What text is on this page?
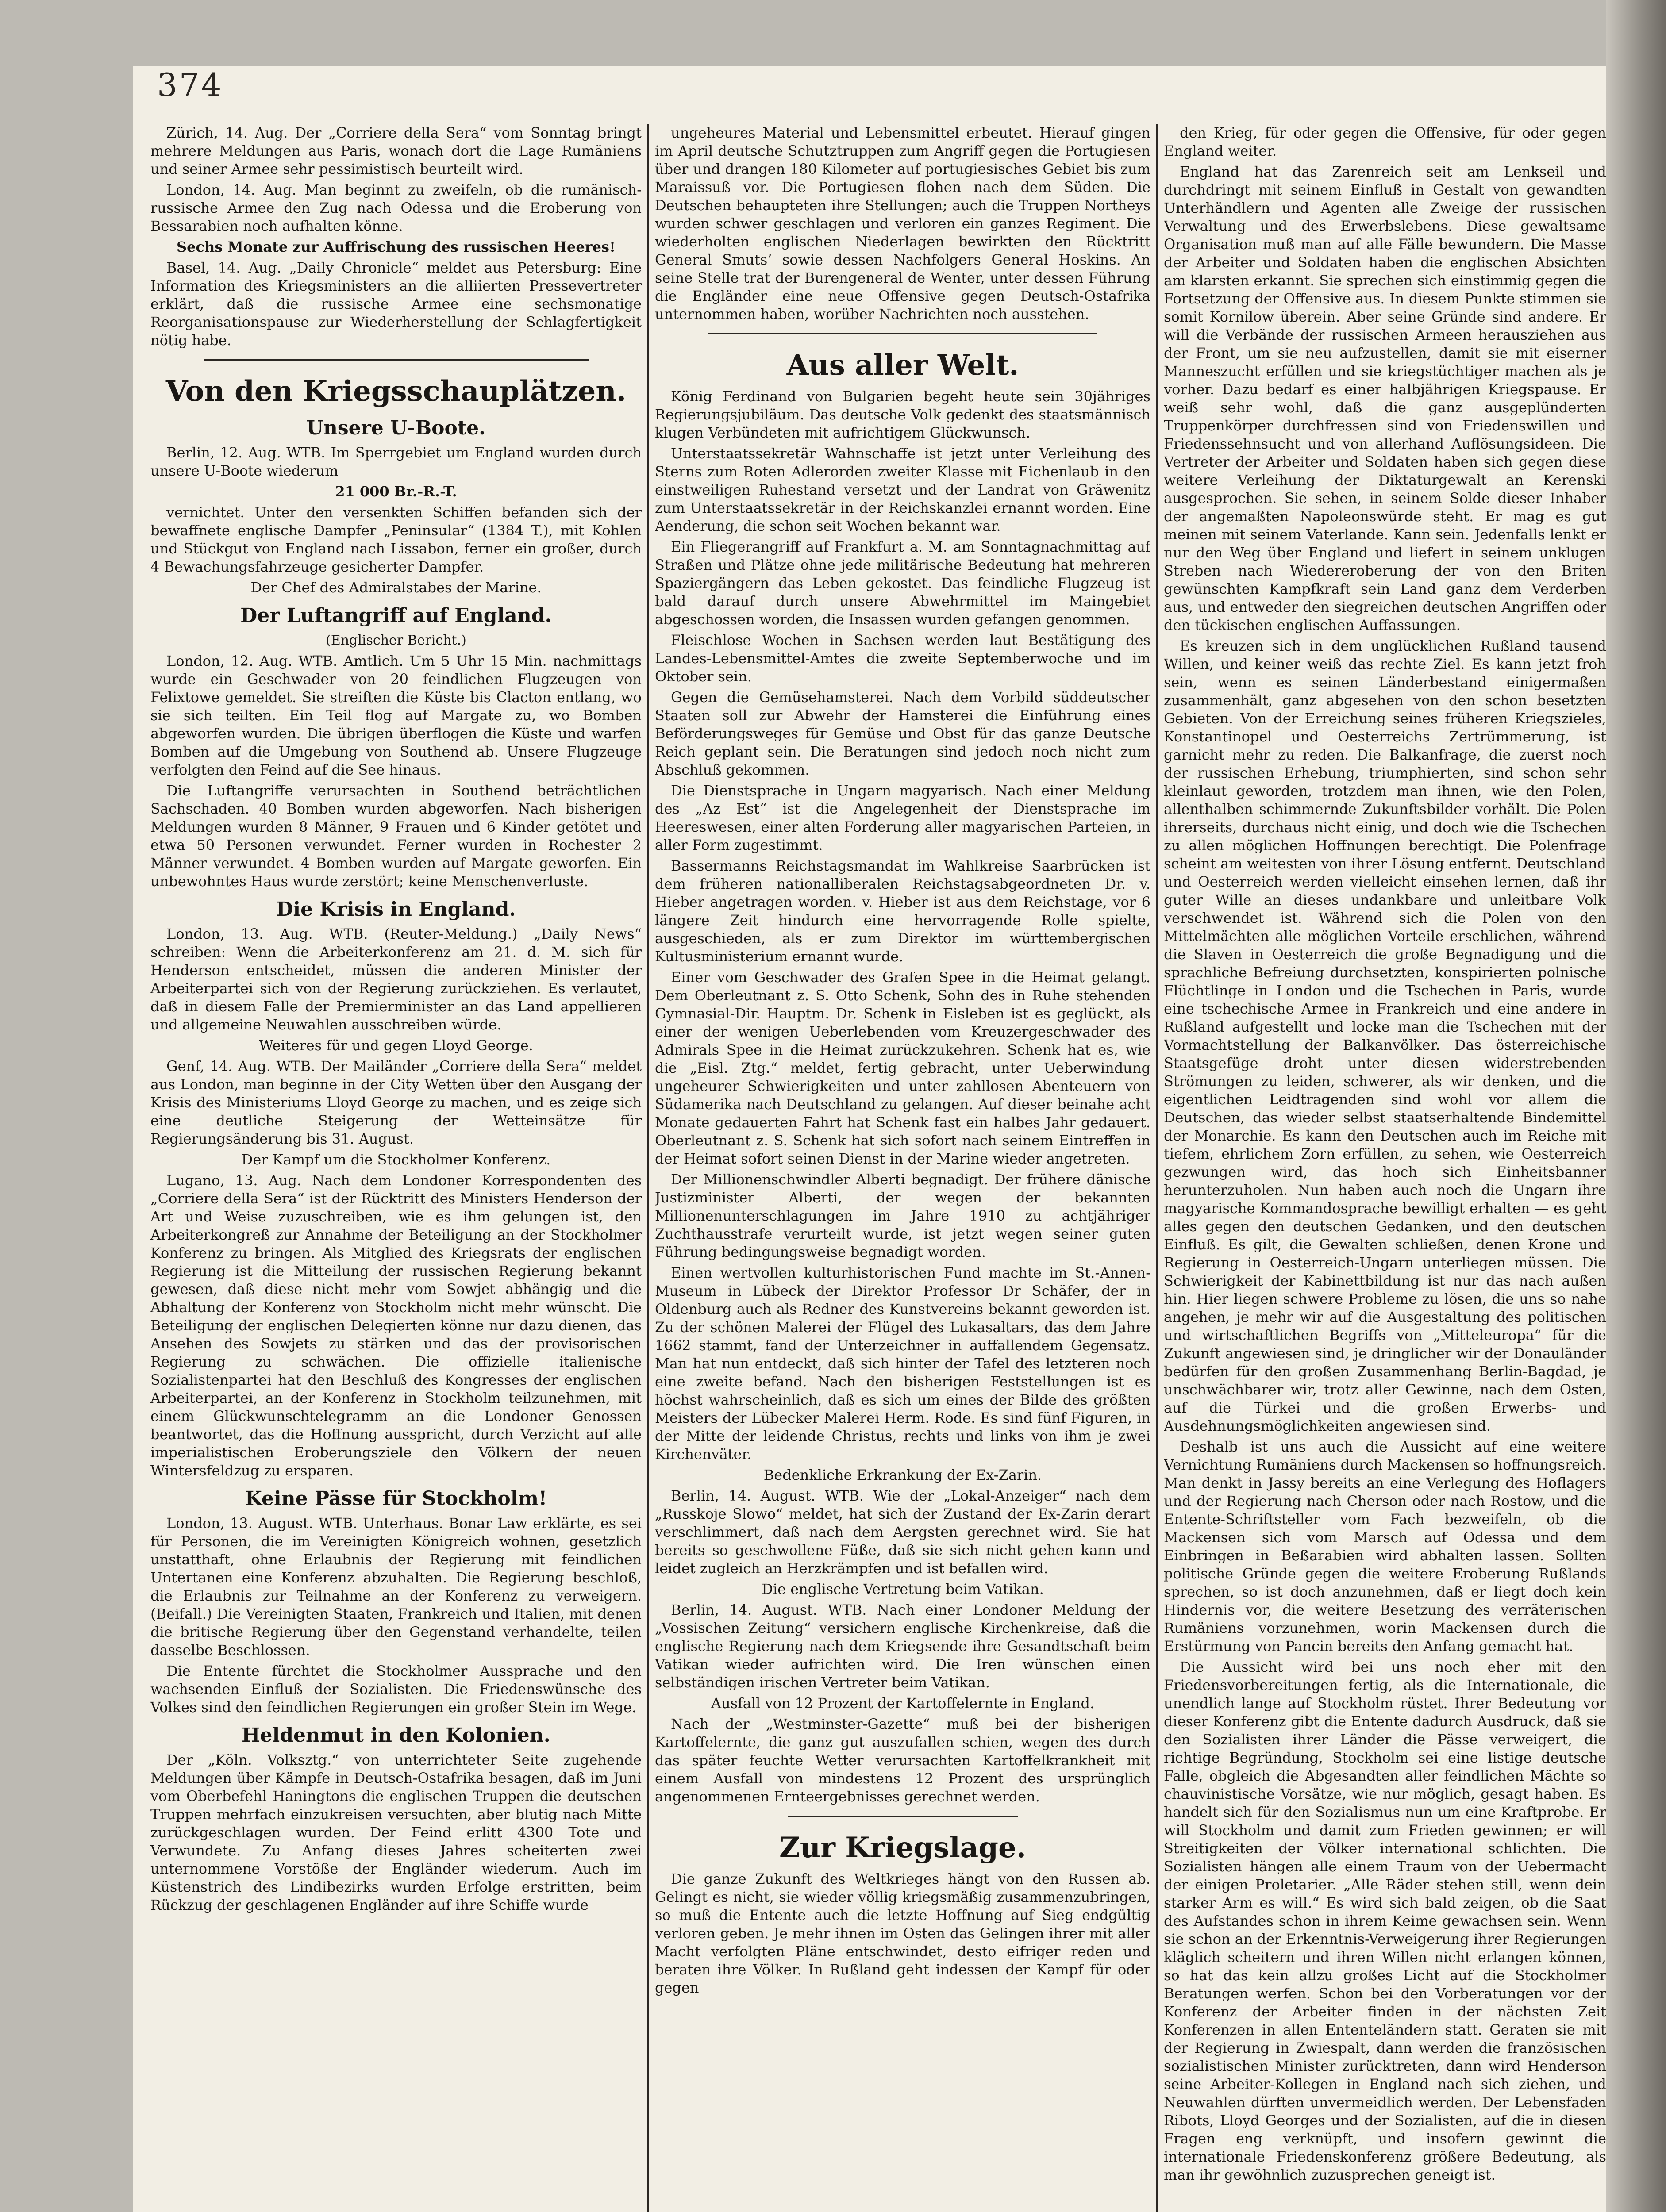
374

Zürich, 14. Aug. Der „Corriere della Sera“ vom Sonntag bringt mehrere Meldungen aus Paris, wonach dort die Lage Rumäniens und seiner Armee sehr pessimistisch beurteilt wird.

London, 14. Aug. Man beginnt zu zweifeln, ob die rumänisch-russische Armee den Zug nach Odessa und die Eroberung von Bessarabien noch aufhalten könne.

Sechs Monate zur Auffrischung des russischen Heeres!

Basel, 14. Aug. „Daily Chronicle“ meldet aus Petersburg: Eine Information des Kriegsministers an die alliierten Pressevertreter erklärt, daß die russische Armee eine sechsmonatige Reorganisationspause zur Wiederherstellung der Schlagfertigkeit nötig habe.

Von den Kriegsschauplätzen.

Unsere U-Boote.

Berlin, 12. Aug. WTB. Im Sperrgebiet um England wurden durch unsere U-Boote wiederum

21 000 Br.-R.-T.

vernichtet. Unter den versenkten Schiffen befanden sich der bewaffnete englische Dampfer „Peninsular“ (1384 T.), mit Kohlen und Stückgut von England nach Lissabon, ferner ein großer, durch 4 Bewachungsfahrzeuge gesicherter Dampfer.

Der Chef des Admiralstabes der Marine.

Der Luftangriff auf England.

(Englischer Bericht.)

London, 12. Aug. WTB. Amtlich. Um 5 Uhr 15 Min. nachmittags wurde ein Geschwader von 20 feindlichen Flugzeugen von Felixtowe gemeldet. Sie streiften die Küste bis Clacton entlang, wo sie sich teilten. Ein Teil flog auf Margate zu, wo Bomben abgeworfen wurden. Die übrigen überflogen die Küste und warfen Bomben auf die Umgebung von Southend ab. Unsere Flugzeuge verfolgten den Feind auf die See hinaus.

Die Luftangriffe verursachten in Southend beträchtlichen Sachschaden. 40 Bomben wurden abgeworfen. Nach bisherigen Meldungen wurden 8 Männer, 9 Frauen und 6 Kinder getötet und etwa 50 Personen verwundet. Ferner wurden in Rochester 2 Männer verwundet. 4 Bomben wurden auf Margate geworfen. Ein unbewohntes Haus wurde zerstört; keine Menschenverluste.

Die Krisis in England.

London, 13. Aug. WTB. (Reuter-Meldung.) „Daily News“ schreiben: Wenn die Arbeiterkonferenz am 21. d. M. sich für Henderson entscheidet, müssen die anderen Minister der Arbeiterpartei sich von der Regierung zurückziehen. Es verlautet, daß in diesem Falle der Premierminister an das Land appellieren und allgemeine Neuwahlen ausschreiben würde.

Weiteres für und gegen Lloyd George.

Genf, 14. Aug. WTB. Der Mailänder „Corriere della Sera“ meldet aus London, man beginne in der City Wetten über den Ausgang der Krisis des Ministeriums Lloyd George zu machen, und es zeige sich eine deutliche Steigerung der Wetteinsätze für Regierungsänderung bis 31. August.

Der Kampf um die Stockholmer Konferenz.

Lugano, 13. Aug. Nach dem Londoner Korrespondenten des „Corriere della Sera“ ist der Rücktritt des Ministers Henderson der Art und Weise zuzuschreiben, wie es ihm gelungen ist, den Arbeiterkongreß zur Annahme der Beteiligung an der Stockholmer Konferenz zu bringen. Als Mitglied des Kriegsrats der englischen Regierung ist die Mitteilung der russischen Regierung bekannt gewesen, daß diese nicht mehr vom Sowjet abhängig und die Abhaltung der Konferenz von Stockholm nicht mehr wünscht. Die Beteiligung der englischen Delegierten könne nur dazu dienen, das Ansehen des Sowjets zu stärken und das der provisorischen Regierung zu schwächen. Die offizielle italienische Sozialistenpartei hat den Beschluß des Kongresses der englischen Arbeiterpartei, an der Konferenz in Stockholm teilzunehmen, mit einem Glückwunschtelegramm an die Londoner Genossen beantwortet, das die Hoffnung ausspricht, durch Verzicht auf alle imperialistischen Eroberungsziele den Völkern der neuen Wintersfeldzug zu ersparen.

Keine Pässe für Stockholm!

London, 13. August. WTB. Unterhaus. Bonar Law erklärte, es sei für Personen, die im Vereinigten Königreich wohnen, gesetzlich unstatthaft, ohne Erlaubnis der Regierung mit feindlichen Untertanen eine Konferenz abzuhalten. Die Regierung beschloß, die Erlaubnis zur Teilnahme an der Konferenz zu verweigern. (Beifall.) Die Vereinigten Staaten, Frankreich und Italien, mit denen die britische Regierung über den Gegenstand verhandelte, teilen dasselbe Beschlossen.

Die Entente fürchtet die Stockholmer Aussprache und den wachsenden Einfluß der Sozialisten. Die Friedenswünsche des Volkes sind den feindlichen Regierungen ein großer Stein im Wege.

Heldenmut in den Kolonien.

Der „Köln. Volksztg.“ von unterrichteter Seite zugehende Meldungen über Kämpfe in Deutsch-Ostafrika besagen, daß im Juni vom Oberbefehl Haningtons die englischen Truppen die deutschen Truppen mehrfach einzukreisen versuchten, aber blutig nach Mitte zurückgeschlagen wurden. Der Feind erlitt 4300 Tote und Verwundete. Zu Anfang dieses Jahres scheiterten zwei unternommene Vorstöße der Engländer wiederum. Auch im Küstenstrich des Lindibezirks wurden Erfolge erstritten, beim Rückzug der geschlagenen Engländer auf ihre Schiffe wurde

ungeheures Material und Lebensmittel erbeutet. Hierauf gingen im April deutsche Schutztruppen zum Angriff gegen die Portugiesen über und drangen 180 Kilometer auf portugiesisches Gebiet bis zum Maraissuß vor. Die Portugiesen flohen nach dem Süden. Die Deutschen behaupteten ihre Stellungen; auch die Truppen Northeys wurden schwer geschlagen und verloren ein ganzes Regiment. Die wiederholten englischen Niederlagen bewirkten den Rücktritt General Smuts’ sowie dessen Nachfolgers General Hoskins. An seine Stelle trat der Burengeneral de Wenter, unter dessen Führung die Engländer eine neue Offensive gegen Deutsch-Ostafrika unternommen haben, worüber Nachrichten noch ausstehen.

Aus aller Welt.

König Ferdinand von Bulgarien begeht heute sein 30jähriges Regierungsjubiläum. Das deutsche Volk gedenkt des staatsmännisch klugen Verbündeten mit aufrichtigem Glückwunsch.

Unterstaatssekretär Wahnschaffe ist jetzt unter Verleihung des Sterns zum Roten Adlerorden zweiter Klasse mit Eichenlaub in den einstweiligen Ruhestand versetzt und der Landrat von Gräwenitz zum Unterstaatssekretär in der Reichskanzlei ernannt worden. Eine Aenderung, die schon seit Wochen bekannt war.

Ein Fliegerangriff auf Frankfurt a. M. am Sonntagnachmittag auf Straßen und Plätze ohne jede militärische Bedeutung hat mehreren Spaziergängern das Leben gekostet. Das feindliche Flugzeug ist bald darauf durch unsere Abwehrmittel im Maingebiet abgeschossen worden, die Insassen wurden gefangen genommen.

Fleischlose Wochen in Sachsen werden laut Bestätigung des Landes-Lebensmittel-Amtes die zweite Septemberwoche und im Oktober sein.

Gegen die Gemüsehamsterei. Nach dem Vorbild süddeutscher Staaten soll zur Abwehr der Hamsterei die Einführung eines Beförderungsweges für Gemüse und Obst für das ganze Deutsche Reich geplant sein. Die Beratungen sind jedoch noch nicht zum Abschluß gekommen.

Die Dienstsprache in Ungarn magyarisch. Nach einer Meldung des „Az Est“ ist die Angelegenheit der Dienstsprache im Heereswesen, einer alten Forderung aller magyarischen Parteien, in aller Form zugestimmt.

Bassermanns Reichstagsmandat im Wahlkreise Saarbrücken ist dem früheren nationalliberalen Reichstagsabgeordneten Dr. v. Hieber angetragen worden. v. Hieber ist aus dem Reichstage, vor 6 längere Zeit hindurch eine hervorragende Rolle spielte, ausgeschieden, als er zum Direktor im württembergischen Kultusministerium ernannt wurde.

Einer vom Geschwader des Grafen Spee in die Heimat gelangt. Dem Oberleutnant z. S. Otto Schenk, Sohn des in Ruhe stehenden Gymnasial-Dir. Hauptm. Dr. Schenk in Eisleben ist es geglückt, als einer der wenigen Ueberlebenden vom Kreuzergeschwader des Admirals Spee in die Heimat zurückzukehren. Schenk hat es, wie die „Eisl. Ztg.“ meldet, fertig gebracht, unter Ueberwindung ungeheurer Schwierigkeiten und unter zahllosen Abenteuern von Südamerika nach Deutschland zu gelangen. Auf dieser beinahe acht Monate gedauerten Fahrt hat Schenk fast ein halbes Jahr gedauert. Oberleutnant z. S. Schenk hat sich sofort nach seinem Eintreffen in der Heimat sofort seinen Dienst in der Marine wieder angetreten.

Der Millionenschwindler Alberti begnadigt. Der frühere dänische Justizminister Alberti, der wegen der bekannten Millionenunterschlagungen im Jahre 1910 zu achtjähriger Zuchthausstrafe verurteilt wurde, ist jetzt wegen seiner guten Führung bedingungsweise begnadigt worden.

Einen wertvollen kulturhistorischen Fund machte im St.-Annen-Museum in Lübeck der Direktor Professor Dr Schäfer, der in Oldenburg auch als Redner des Kunstvereins bekannt geworden ist. Zu der schönen Malerei der Flügel des Lukasaltars, das dem Jahre 1662 stammt, fand der Unterzeichner in auffallendem Gegensatz. Man hat nun entdeckt, daß sich hinter der Tafel des letzteren noch eine zweite befand. Nach den bisherigen Feststellungen ist es höchst wahrscheinlich, daß es sich um eines der Bilde des größten Meisters der Lübecker Malerei Herm. Rode. Es sind fünf Figuren, in der Mitte der leidende Christus, rechts und links von ihm je zwei Kirchenväter.

Bedenkliche Erkrankung der Ex-Zarin.

Berlin, 14. August. WTB. Wie der „Lokal-Anzeiger“ nach dem „Russkoje Slowo“ meldet, hat sich der Zustand der Ex-Zarin derart verschlimmert, daß nach dem Aergsten gerechnet wird. Sie hat bereits so geschwollene Füße, daß sie sich nicht gehen kann und leidet zugleich an Herzkrämpfen und ist befallen wird.

Die englische Vertretung beim Vatikan.

Berlin, 14. August. WTB. Nach einer Londoner Meldung der „Vossischen Zeitung“ versichern englische Kirchenkreise, daß die englische Regierung nach dem Kriegsende ihre Gesandtschaft beim Vatikan wieder aufrichten wird. Die Iren wünschen einen selbständigen irischen Vertreter beim Vatikan.

Ausfall von 12 Prozent der Kartoffelernte in England.

Nach der „Westminster-Gazette“ muß bei der bisherigen Kartoffelernte, die ganz gut auszufallen schien, wegen des durch das später feuchte Wetter verursachten Kartoffelkrankheit mit einem Ausfall von mindestens 12 Prozent des ursprünglich angenommenen Ernteergebnisses gerechnet werden.

Zur Kriegslage.

Die ganze Zukunft des Weltkrieges hängt von den Russen ab. Gelingt es nicht, sie wieder völlig kriegsmäßig zusammenzubringen, so muß die Entente auch die letzte Hoffnung auf Sieg endgültig verloren geben. Je mehr ihnen im Osten das Gelingen ihrer mit aller Macht verfolgten Pläne entschwindet, desto eifriger reden und beraten ihre Völker. In Rußland geht indessen der Kampf für oder gegen

den Krieg, für oder gegen die Offensive, für oder gegen England weiter.

England hat das Zarenreich seit am Lenkseil und durchdringt mit seinem Einfluß in Gestalt von gewandten Unterhändlern und Agenten alle Zweige der russischen Verwaltung und des Erwerbslebens. Diese gewaltsame Organisation muß man auf alle Fälle bewundern. Die Masse der Arbeiter und Soldaten haben die englischen Absichten am klarsten erkannt. Sie sprechen sich einstimmig gegen die Fortsetzung der Offensive aus. In diesem Punkte stimmen sie somit Kornilow überein. Aber seine Gründe sind andere. Er will die Verbände der russischen Armeen herausziehen aus der Front, um sie neu aufzustellen, damit sie mit eiserner Manneszucht erfüllen und sie kriegstüchtiger machen als je vorher. Dazu bedarf es einer halbjährigen Kriegspause. Er weiß sehr wohl, daß die ganz ausgeplünderten Truppenkörper durchfressen sind von Friedenswillen und Friedenssehnsucht und von allerhand Auflösungsideen. Die Vertreter der Arbeiter und Soldaten haben sich gegen diese weitere Verleihung der Diktaturgewalt an Kerenski ausgesprochen. Sie sehen, in seinem Solde dieser Inhaber der angemaßten Napoleonswürde steht. Er mag es gut meinen mit seinem Vaterlande. Kann sein. Jedenfalls lenkt er nur den Weg über England und liefert in seinem unklugen Streben nach Wiedereroberung der von den Briten gewünschten Kampfkraft sein Land ganz dem Verderben aus, und entweder den siegreichen deutschen Angriffen oder den tückischen englischen Auffassungen.

Es kreuzen sich in dem unglücklichen Rußland tausend Willen, und keiner weiß das rechte Ziel. Es kann jetzt froh sein, wenn es seinen Länderbestand einigermaßen zusammenhält, ganz abgesehen von den schon besetzten Gebieten. Von der Erreichung seines früheren Kriegszieles, Konstantinopel und Oesterreichs Zertrümmerung, ist garnicht mehr zu reden. Die Balkanfrage, die zuerst noch der russischen Erhebung, triumphierten, sind schon sehr kleinlaut geworden, trotzdem man ihnen, wie den Polen, allenthalben schimmernde Zukunftsbilder vorhält. Die Polen ihrerseits, durchaus nicht einig, und doch wie die Tschechen zu allen möglichen Hoffnungen berechtigt. Die Polenfrage scheint am weitesten von ihrer Lösung entfernt. Deutschland und Oesterreich werden vielleicht einsehen lernen, daß ihr guter Wille an dieses undankbare und unleitbare Volk verschwendet ist. Während sich die Polen von den Mittelmächten alle möglichen Vorteile erschlichen, während die Slaven in Oesterreich die große Begnadigung und die sprachliche Befreiung durchsetzten, konspirierten polnische Flüchtlinge in London und die Tschechen in Paris, wurde eine tschechische Armee in Frankreich und eine andere in Rußland aufgestellt und locke man die Tschechen mit der Vormachtstellung der Balkanvölker. Das österreichische Staatsgefüge droht unter diesen widerstrebenden Strömungen zu leiden, schwerer, als wir denken, und die eigentlichen Leidtragenden sind wohl vor allem die Deutschen, das wieder selbst staatserhaltende Bindemittel der Monarchie. Es kann den Deutschen auch im Reiche mit tiefem, ehrlichem Zorn erfüllen, zu sehen, wie Oesterreich gezwungen wird, das hoch sich Einheitsbanner herunterzuholen. Nun haben auch noch die Ungarn ihre magyarische Kommandosprache bewilligt erhalten — es geht alles gegen den deutschen Gedanken, und den deutschen Einfluß. Es gilt, die Gewalten schließen, denen Krone und Regierung in Oesterreich-Ungarn unterliegen müssen. Die Schwierigkeit der Kabinettbildung ist nur das nach außen hin. Hier liegen schwere Probleme zu lösen, die uns so nahe angehen, je mehr wir auf die Ausgestaltung des politischen und wirtschaftlichen Begriffs von „Mitteleuropa“ für die Zukunft angewiesen sind, je dringlicher wir der Donauländer bedürfen für den großen Zusammenhang Berlin-Bagdad, je unschwächbarer wir, trotz aller Gewinne, nach dem Osten, auf die Türkei und die großen Erwerbs- und Ausdehnungsmöglichkeiten angewiesen sind.

Deshalb ist uns auch die Aussicht auf eine weitere Vernichtung Rumäniens durch Mackensen so hoffnungsreich. Man denkt in Jassy bereits an eine Verlegung des Hoflagers und der Regierung nach Cherson oder nach Rostow, und die Entente-Schriftsteller vom Fach bezweifeln, ob die Mackensen sich vom Marsch auf Odessa und dem Einbringen in Beßarabien wird abhalten lassen. Sollten politische Gründe gegen die weitere Eroberung Rußlands sprechen, so ist doch anzunehmen, daß er liegt doch kein Hindernis vor, die weitere Besetzung des verräterischen Rumäniens vorzunehmen, worin Mackensen durch die Erstürmung von Pancin bereits den Anfang gemacht hat.

Die Aussicht wird bei uns noch eher mit den Friedensvorbereitungen fertig, als die Internationale, die unendlich lange auf Stockholm rüstet. Ihrer Bedeutung vor dieser Konferenz gibt die Entente dadurch Ausdruck, daß sie den Sozialisten ihrer Länder die Pässe verweigert, die richtige Begründung, Stockholm sei eine listige deutsche Falle, obgleich die Abgesandten aller feindlichen Mächte so chauvinistische Vorsätze, wie nur möglich, gesagt haben. Es handelt sich für den Sozialismus nun um eine Kraftprobe. Er will Stockholm und damit zum Frieden gewinnen; er will Streitigkeiten der Völker international schlichten. Die Sozialisten hängen alle einem Traum von der Uebermacht der einigen Proletarier. „Alle Räder stehen still, wenn dein starker Arm es will.“ Es wird sich bald zeigen, ob die Saat des Aufstandes schon in ihrem Keime gewachsen sein. Wenn sie schon an der Erkenntnis-Verweigerung ihrer Regierungen kläglich scheitern und ihren Willen nicht erlangen können, so hat das kein allzu großes Licht auf die Stockholmer Beratungen werfen. Schon bei den Vorberatungen vor der Konferenz der Arbeiter finden in der nächsten Zeit Konferenzen in allen Ententeländern statt. Geraten sie mit der Regierung in Zwiespalt, dann werden die französischen sozialistischen Minister zurücktreten, dann wird Henderson seine Arbeiter-Kollegen in England nach sich ziehen, und Neuwahlen dürften unvermeidlich werden. Der Lebensfaden Ribots, Lloyd Georges und der Sozialisten, auf die in diesen Fragen eng verknüpft, und insofern gewinnt die internationale Friedenskonferenz größere Bedeutung, als man ihr gewöhnlich zuzusprechen geneigt ist.
